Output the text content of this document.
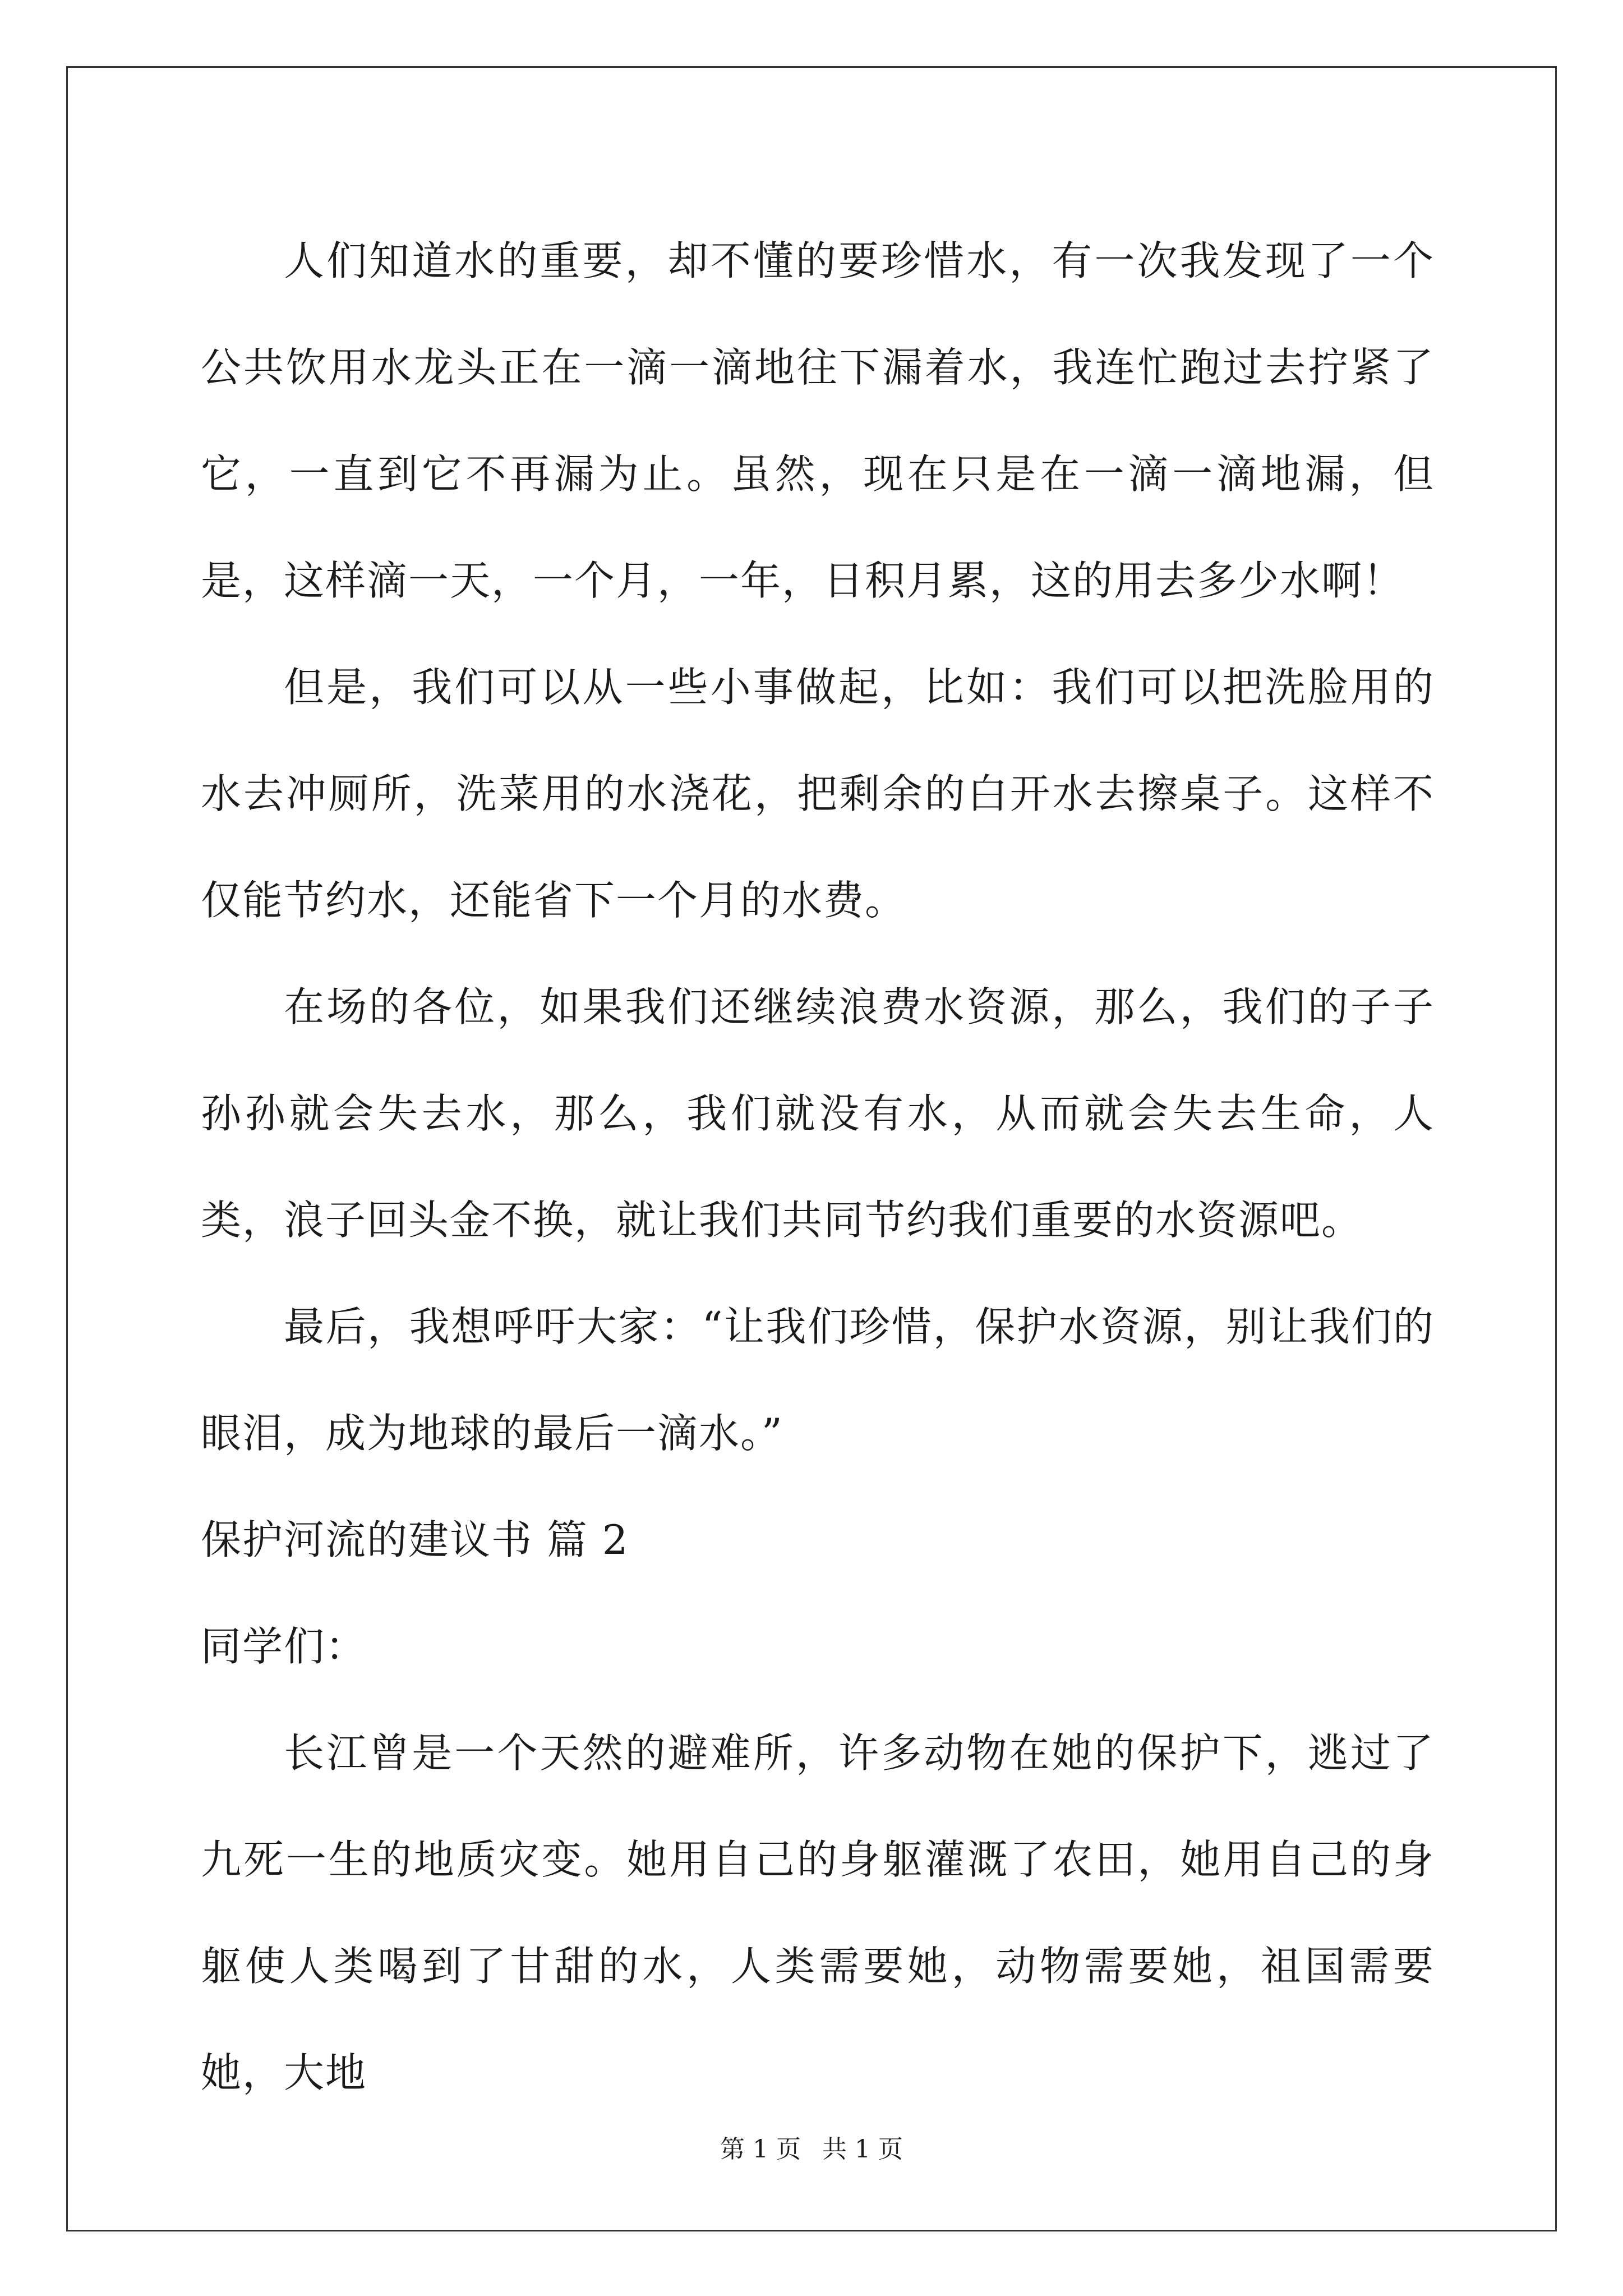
人们知道水的重要，却不懂的要珍惜水，有一次我发现了一个公共饮用水龙头正在一滴一滴地往下漏着水，我连忙跑过去拧紧了它，一直到它不再漏为止。虽然，现在只是在一滴一滴地漏，但是，这样滴一天，一个月，一年，日积月累，这的用去多少水啊！

但是，我们可以从一些小事做起，比如：我们可以把洗脸用的水去冲厕所，洗菜用的水浇花，把剩余的白开水去擦桌子。这样不仅能节约水，还能省下一个月的水费。

在场的各位，如果我们还继续浪费水资源，那么，我们的子子孙孙就会失去水，那么，我们就没有水，从而就会失去生命，人类，浪子回头金不换，就让我们共同节约我们重要的水资源吧。

最后，我想呼吁大家：“让我们珍惜，保护水资源，别让我们的眼泪，成为地球的最后一滴水。”

保护河流的建议书 篇 2

同学们：

长江曾是一个天然的避难所，许多动物在她的保护下，逃过了九死一生的地质灾变。她用自己的身躯灌溉了农田，她用自己的身躯使人类喝到了甘甜的水，人类需要她，动物需要她，祖国需要她，大地

第 1 页 共 1 页
